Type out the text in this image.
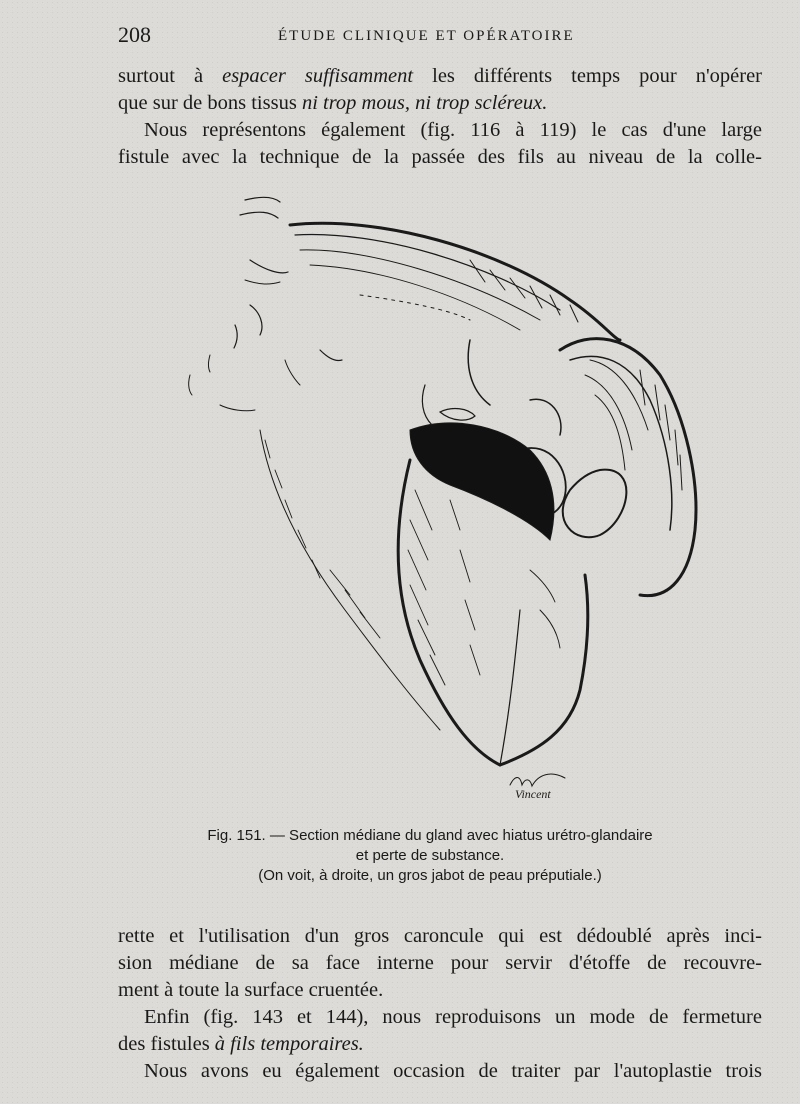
208	ÉTUDE CLINIQUE ET OPÉRATOIRE
surtout à espacer suffisamment les différents temps pour n'opérer
que sur de bons tissus ni trop mous, ni trop scléreux.
Nous représentons également (fig. 116 à 119) le cas d'une large
fistule avec la technique de la passée des fils au niveau de la colle-
Vincent
Fig. 151. — Section médiane du gland avec hiatus urétro-glandaire
et perte de substance.
(On voit, à droite, un gros jabot de peau préputiale.)
rette et l'utilisation d'un gros caroncule qui est dédoublé après inci-
sion médiane de sa face interne pour servir d'étoffe de recouvre-
ment à toute la surface cruentée.
Enfin (fig. 143 et 144), nous reproduisons un mode de fermeture
des fistules à fils temporaires.
Nous avons eu également occasion de traiter par l'autoplastie trois
